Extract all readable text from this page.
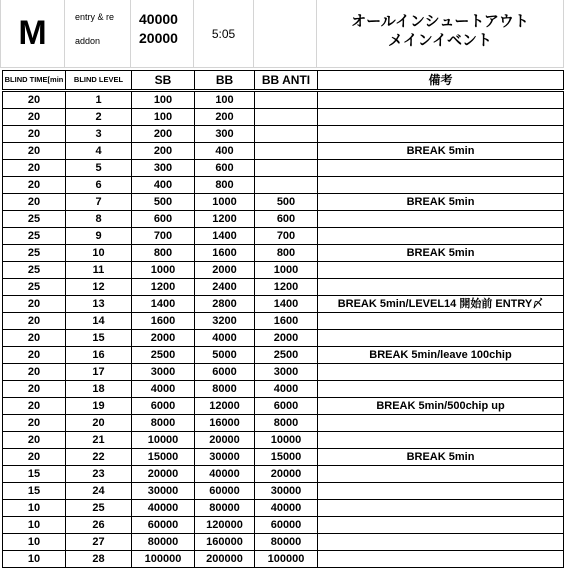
M	entry & re
addon
40000
20000	5:05
オールインシュートアウト
メインイベント
BLIND TIME[min	BLIND LEVEL	SB	BB	BB ANTI	備考
20	1	100	100		
20	2	100	200		
20	3	200	300		
20	4	200	400		BREAK 5min
20	5	300	600		
20	6	400	800		
20	7	500	1000	500	BREAK 5min
25	8	600	1200	600	
25	9	700	1400	700	
25	10	800	1600	800	BREAK 5min
25	11	1000	2000	1000	
25	12	1200	2400	1200	
20	13	1400	2800	1400	BREAK 5min/LEVEL14 開始前 ENTRY〆
20	14	1600	3200	1600	
20	15	2000	4000	2000	
20	16	2500	5000	2500	BREAK 5min/leave 100chip
20	17	3000	6000	3000	
20	18	4000	8000	4000	
20	19	6000	12000	6000	BREAK 5min/500chip up
20	20	8000	16000	8000	
20	21	10000	20000	10000	
20	22	15000	30000	15000	BREAK 5min
15	23	20000	40000	20000	
15	24	30000	60000	30000	
10	25	40000	80000	40000	
10	26	60000	120000	60000	
10	27	80000	160000	80000	
10	28	100000	200000	100000	
